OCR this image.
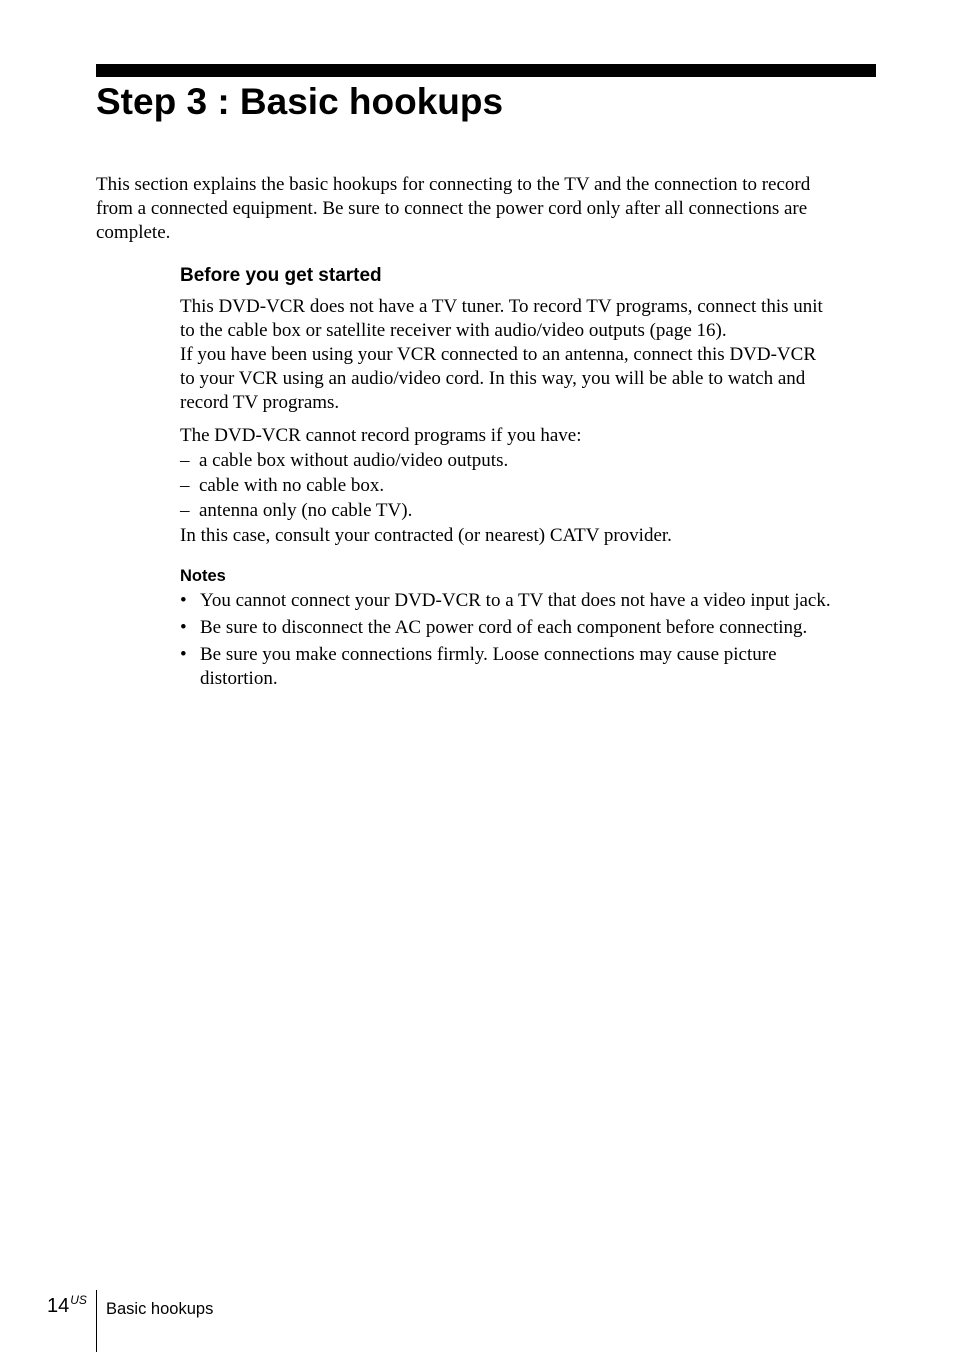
Step 3 : Basic hookups

This section explains the basic hookups for connecting to the TV and the connection to record
from a connected equipment. Be sure to connect the power cord only after all connections are
complete.

Before you get started

This DVD-VCR does not have a TV tuner. To record TV programs, connect this unit
to the cable box or satellite receiver with audio/video outputs (page 16).
If you have been using your VCR connected to an antenna, connect this DVD-VCR
to your VCR using an audio/video cord. In this way, you will be able to watch and
record TV programs.

The DVD-VCR cannot record programs if you have:
– a cable box without audio/video outputs.
– cable with no cable box.
– antenna only (no cable TV).
In this case, consult your contracted (or nearest) CATV provider.
Notes
• You cannot connect your DVD-VCR to a TV that does not have a video input jack.
• Be sure to disconnect the AC power cord of each component before connecting.
• Be sure you make connections firmly. Loose connections may cause picture
distortion.
14$^{US}$ Basic hookups
